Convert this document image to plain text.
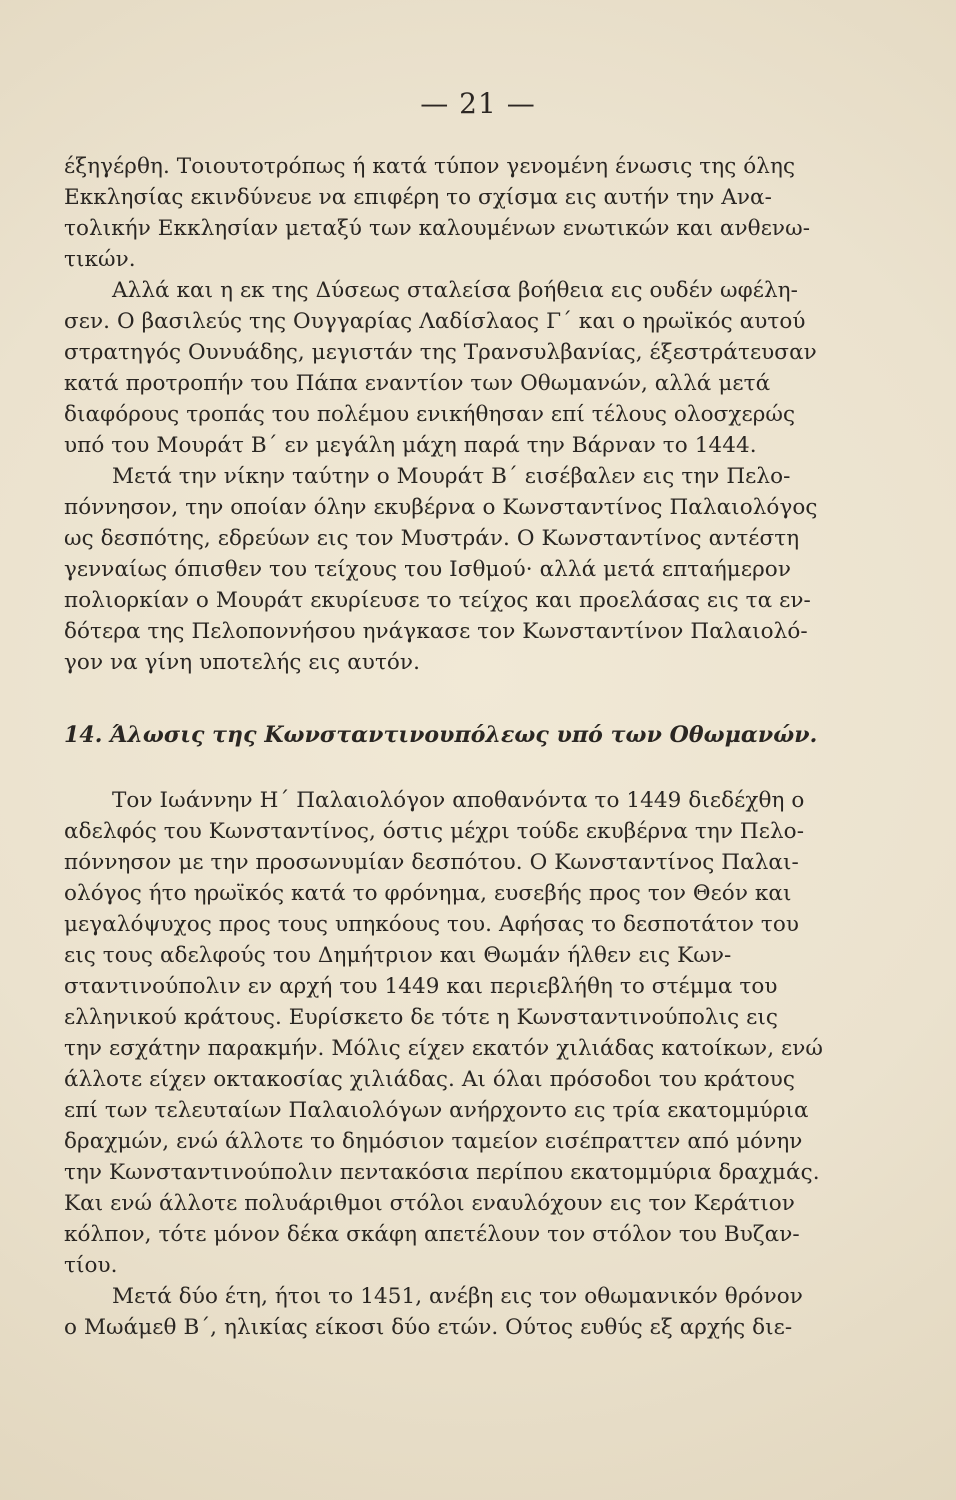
— 21 —
έξηγέρθη. Τοιουτοτρόπως ή κατά τύπον γενομένη ένωσις της όλης
Εκκλησίας εκινδύνευε να επιφέρη το σχίσμα εις αυτήν την Ανα-
τολικήν Εκκλησίαν μεταξύ των καλουμένων ενωτικών και ανθενω-
τικών.
Αλλά και η εκ της Δύσεως σταλείσα βοήθεια εις ουδέν ωφέλη-
σεν. Ο βασιλεύς της Ουγγαρίας Λαδίσλαος Γ΄ και ο ηρωϊκός αυτού
στρατηγός Ουνυάδης, μεγιστάν της Τρανσυλβανίας, έξεστράτευσαν
κατά προτροπήν του Πάπα εναντίον των Οθωμανών, αλλά μετά
διαφόρους τροπάς του πολέμου ενικήθησαν επί τέλους ολοσχερώς
υπό του Μουράτ Β΄ εν μεγάλη μάχη παρά την Βάρναν το 1444.
Μετά την νίκην ταύτην ο Μουράτ Β΄ εισέβαλεν εις την Πελο-
πόννησον, την οποίαν όλην εκυβέρνα ο Κωνσταντίνος Παλαιολόγος
ως δεσπότης, εδρεύων εις τον Μυστράν. Ο Κωνσταντίνος αντέστη
γενναίως όπισθεν του τείχους του Ισθμού· αλλά μετά επταήμερον
πολιορκίαν ο Μουράτ εκυρίευσε το τείχος και προελάσας εις τα εν-
δότερα της Πελοποννήσου ηνάγκασε τον Κωνσταντίνον Παλαιολό-
γον να γίνη υποτελής εις αυτόν.
14. Άλωσις της Κωνσταντινουπόλεως υπό των Οθωμανών.
Τον Ιωάννην Η΄ Παλαιολόγον αποθανόντα το 1449 διεδέχθη ο
αδελφός του Κωνσταντίνος, όστις μέχρι τούδε εκυβέρνα την Πελο-
πόννησον με την προσωνυμίαν δεσπότου. Ο Κωνσταντίνος Παλαι-
ολόγος ήτο ηρωϊκός κατά το φρόνημα, ευσεβής προς τον Θεόν και
μεγαλόψυχος προς τους υπηκόους του. Αφήσας το δεσποτάτον του
εις τους αδελφούς του Δημήτριον και Θωμάν ήλθεν εις Κων-
σταντινούπολιν εν αρχή του 1449 και περιεβλήθη το στέμμα του
ελληνικού κράτους. Ευρίσκετο δε τότε η Κωνσταντινούπολις εις
την εσχάτην παρακμήν. Μόλις είχεν εκατόν χιλιάδας κατοίκων, ενώ
άλλοτε είχεν οκτακοσίας χιλιάδας. Αι όλαι πρόσοδοι του κράτους
επί των τελευταίων Παλαιολόγων ανήρχοντο εις τρία εκατομμύρια
δραχμών, ενώ άλλοτε το δημόσιον ταμείον εισέπραττεν από μόνην
την Κωνσταντινούπολιν πεντακόσια περίπου εκατομμύρια δραχμάς.
Και ενώ άλλοτε πολυάριθμοι στόλοι εναυλόχουν εις τον Κεράτιον
κόλπον, τότε μόνον δέκα σκάφη απετέλουν τον στόλον του Βυζαν-
τίου.
Μετά δύο έτη, ήτοι το 1451, ανέβη εις τον οθωμανικόν θρόνον
ο Μωάμεθ Β΄, ηλικίας είκοσι δύο ετών. Ούτος ευθύς εξ αρχής διε-
